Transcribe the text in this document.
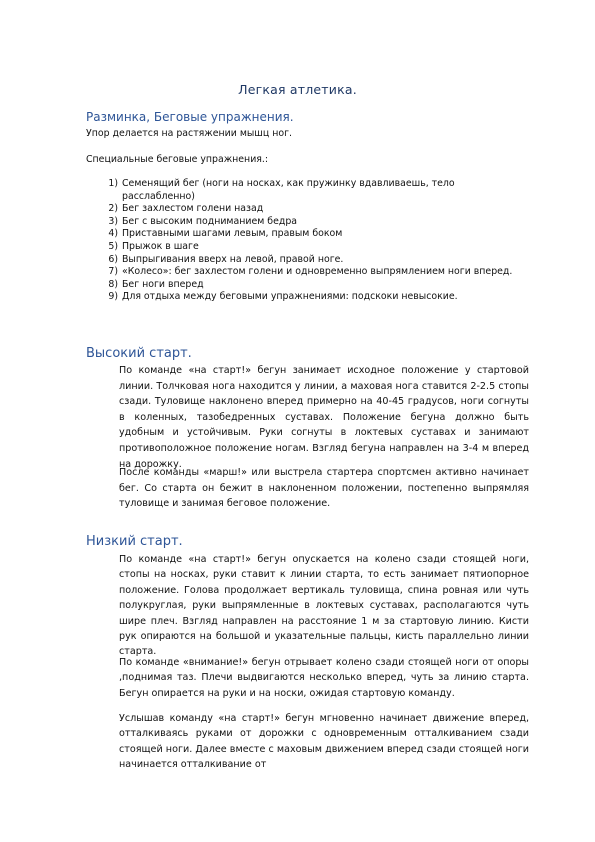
Легкая атлетика.
Разминка, Беговые упражнения.
Упор делается на растяжении мышц ног.
Специальные беговые упражнения.:
1) Семенящий бег (ноги на носках, как пружинку вдавливаешь, тело расслабленно)
2) Бег захлестом голени назад
3) Бег с высоким подниманием бедра
4) Приставными шагами левым, правым боком
5) Прыжок в шаге
6) Выпрыгивания вверх на левой, правой ноге.
7) «Колесо»: бег захлестом голени и одновременно выпрямлением ноги вперед.
8) Бег ноги вперед
9) Для отдыха между беговыми упражнениями: подскоки невысокие.
Высокий старт.

По команде «на старт!» бегун занимает исходное положение у стартовой линии. Толчковая нога находится у линии, а маховая нога ставится 2-2.5 стопы сзади. Туловище наклонено вперед примерно на 40-45 градусов, ноги согнуты в коленных, тазобедренных суставах. Положение бегуна должно быть удобным и устойчивым. Руки согнуты в локтевых суставах и занимают противоположное положение ногам. Взгляд бегуна направлен на 3-4 м вперед на дорожку.

После команды «марш!» или выстрела стартера спортсмен активно начинает бег. Со старта он бежит в наклоненном положении, постепенно выпрямляя туловище и занимая беговое положение.

Низкий старт.

По команде «на старт!» бегун опускается на колено сзади стоящей ноги, стопы на носках, руки ставит к линии старта, то есть занимает пятиопорное положение. Голова продолжает вертикаль туловища, спина ровная или чуть полукруглая, руки выпрямленные в локтевых суставах, располагаются чуть шире плеч. Взгляд направлен на расстояние 1 м за стартовую линию. Кисти рук опираются на большой и указательные пальцы, кисть параллельно линии старта.

По команде «внимание!» бегун отрывает колено сзади стоящей ноги от опоры ,поднимая таз. Плечи выдвигаются несколько вперед, чуть за линию старта. Бегун опирается на руки и на носки, ожидая стартовую команду.

Услышав команду «на старт!» бегун мгновенно начинает движение вперед, отталкиваясь руками от дорожки с одновременным отталкиванием сзади стоящей ноги. Далее вместе с маховым движением вперед сзади стоящей ноги начинается отталкивание от
